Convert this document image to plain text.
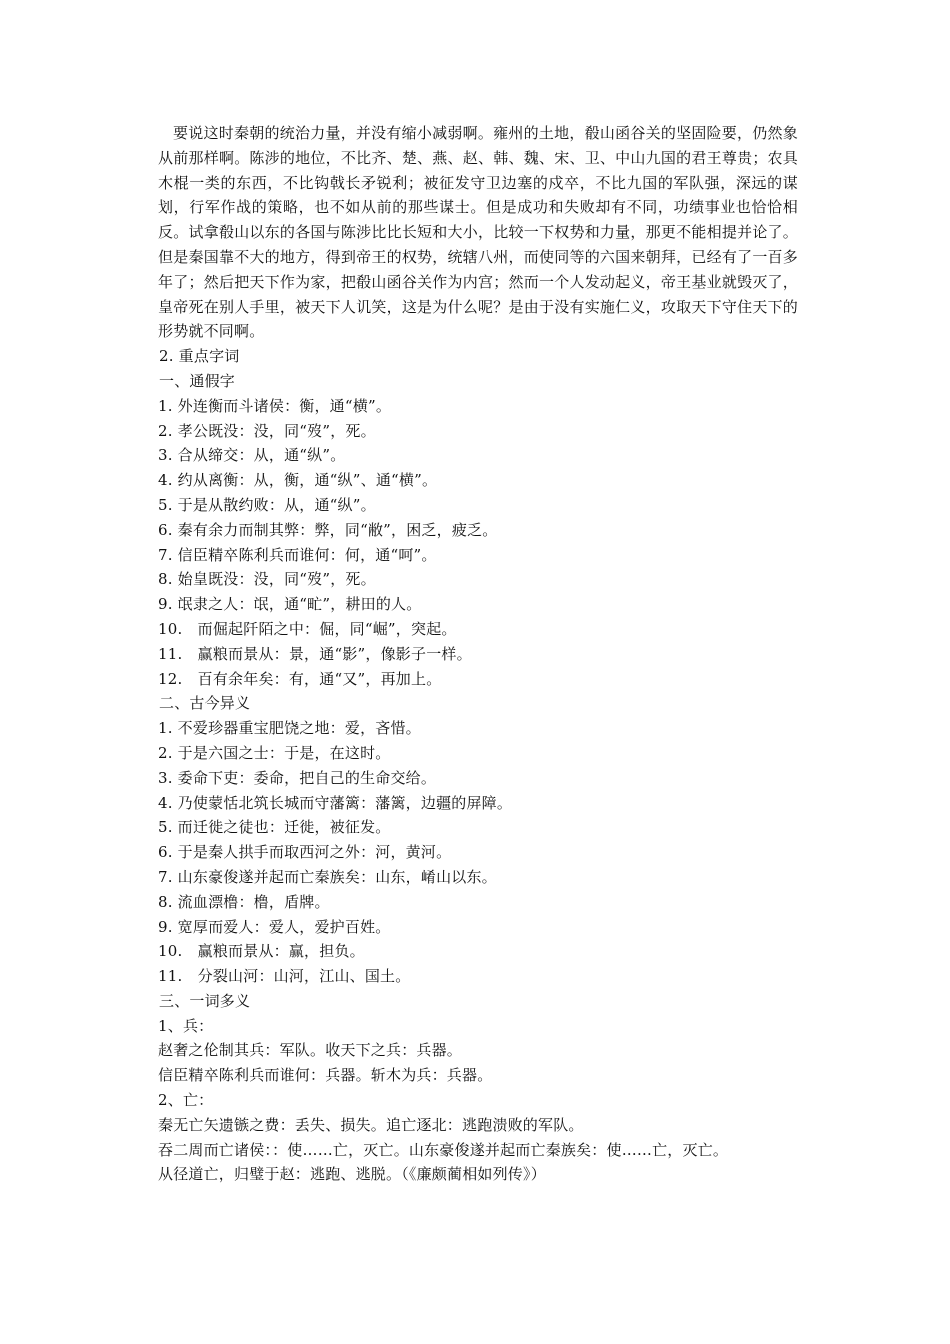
要说这时秦朝的统治力量，并没有缩小减弱啊。雍州的土地，殽山函谷关的坚固险要，仍然象从前那样啊。陈涉的地位，不比齐、楚、燕、赵、韩、魏、宋、卫、中山九国的君王尊贵；农具木棍一类的东西，不比钩戟长矛锐利；被征发守卫边塞的戍卒，不比九国的军队强，深远的谋划，行军作战的策略，也不如从前的那些谋士。但是成功和失败却有不同，功绩事业也恰恰相反。试拿殽山以东的各国与陈涉比比长短和大小，比较一下权势和力量，那更不能相提并论了。但是秦国靠不大的地方，得到帝王的权势，统辖八州，而使同等的六国来朝拜，已经有了一百多年了；然后把天下作为家，把殽山函谷关作为内宫；然而一个人发动起义，帝王基业就毁灭了，皇帝死在别人手里，被天下人讥笑，这是为什么呢？是由于没有实施仁义，攻取天下守住天下的形势就不同啊。

2. 重点字词

一、通假字

1. 外连衡而斗诸侯：衡，通“横”。

2. 孝公既没：没，同“歿”，死。

3. 合从缔交：从，通“纵”。

4. 约从离衡：从，衡，通“纵”、通“横”。

5. 于是从散约败：从，通“纵”。

6. 秦有余力而制其弊：弊，同“敝”，困乏，疲乏。

7. 信臣精卒陈利兵而谁何：何，通“呵”。

8. 始皇既没：没，同“歿”，死。

9. 氓隶之人：氓，通“甿”，耕田的人。

10.　而倔起阡陌之中：倔，同“崛”，突起。

11.　赢粮而景从：景，通“影”，像影子一样。

12.　百有余年矣：有，通“又”，再加上。

二、古今异义

1. 不爱珍器重宝肥饶之地：爱，吝惜。

2. 于是六国之士：于是，在这时。

3. 委命下吏：委命，把自己的生命交给。

4. 乃使蒙恬北筑长城而守藩篱：藩篱，边疆的屏障。

5. 而迁徙之徒也：迁徙，被征发。

6. 于是秦人拱手而取西河之外：河，黄河。

7. 山东豪俊遂并起而亡秦族矣：山东，崤山以东。

8. 流血漂橹：橹，盾牌。

9. 宽厚而爱人：爱人，爱护百姓。

10.　赢粮而景从：赢，担负。

11.　分裂山河：山河，江山、国土。

三、一词多义

1、兵：

赵奢之伦制其兵：军队。收天下之兵：兵器。

信臣精卒陈利兵而谁何：兵器。斩木为兵：兵器。

2、亡：

秦无亡矢遗镞之费：丢失、损失。追亡逐北：逃跑溃败的军队。

吞二周而亡诸侯：：使……亡，灭亡。山东豪俊遂并起而亡秦族矣：使……亡，灭亡。

从径道亡，归璧于赵：逃跑、逃脱。（《廉颇蔺相如列传》）
